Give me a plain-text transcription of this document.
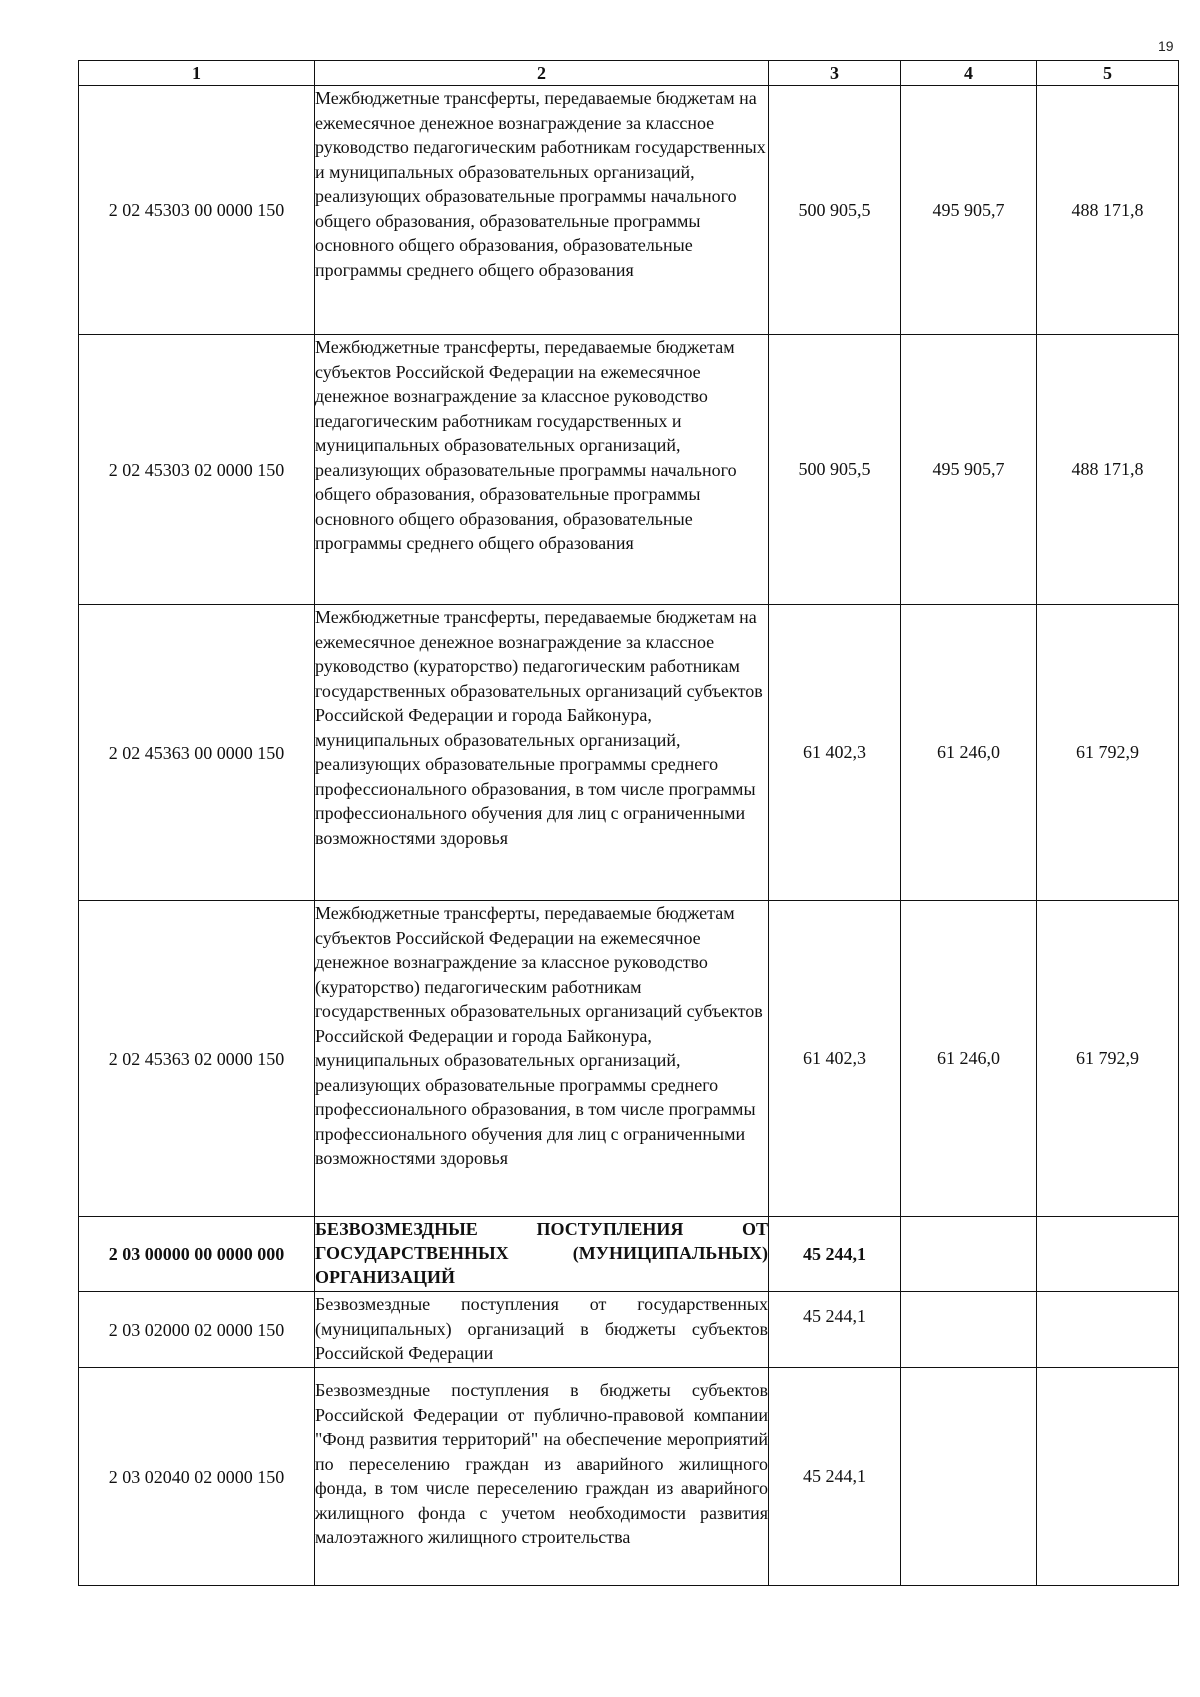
19
1	2	3	4	5
2 02 45303 00 0000 150	Межбюджетные трансферты, передаваемые бюджетам на ежемесячное денежное вознаграждение за классное руководство педагогическим работникам государственных и муниципальных образовательных организаций, реализующих образовательные программы начального общего образования, образовательные программы основного общего образования, образовательные программы среднего общего образования	500 905,5	495 905,7	488 171,8
2 02 45303 02 0000 150	Межбюджетные трансферты, передаваемые бюджетам субъектов Российской Федерации на ежемесячное денежное вознаграждение за классное руководство педагогическим работникам государственных и муниципальных образовательных организаций, реализующих образовательные программы начального общего образования, образовательные программы основного общего образования, образовательные программы среднего общего образования	500 905,5	495 905,7	488 171,8
2 02 45363 00 0000 150	Межбюджетные трансферты, передаваемые бюджетам на ежемесячное денежное вознаграждение за классное руководство (кураторство) педагогическим работникам государственных образовательных организаций субъектов Российской Федерации и города Байконура, муниципальных образовательных организаций, реализующих образовательные программы среднего профессионального образования, в том числе программы профессионального обучения для лиц с ограниченными возможностями здоровья	61 402,3	61 246,0	61 792,9
2 02 45363 02 0000 150	Межбюджетные трансферты, передаваемые бюджетам субъектов Российской Федерации на ежемесячное денежное вознаграждение за классное руководство (кураторство) педагогическим работникам государственных образовательных организаций субъектов Российской Федерации и города Байконура, муниципальных образовательных организаций, реализующих образовательные программы среднего профессионального образования, в том числе программы профессионального обучения для лиц с ограниченными возможностями здоровья	61 402,3	61 246,0	61 792,9
2 03 00000 00 0000 000	БЕЗВОЗМЕЗДНЫЕ ПОСТУПЛЕНИЯ ОТ ГОСУДАРСТВЕННЫХ (МУНИЦИПАЛЬНЫХ) ОРГАНИЗАЦИЙ	45 244,1		
2 03 02000 02 0000 150	Безвозмездные поступления от государственных (муниципальных) организаций в бюджеты субъектов Российской Федерации	45 244,1		
2 03 02040 02 0000 150	Безвозмездные поступления в бюджеты субъектов Российской Федерации от публично-правовой компании "Фонд развития территорий" на обеспечение мероприятий по переселению граждан из аварийного жилищного фонда, в том числе переселению граждан из аварийного жилищного фонда с учетом необходимости развития малоэтажного жилищного строительства	45 244,1		
